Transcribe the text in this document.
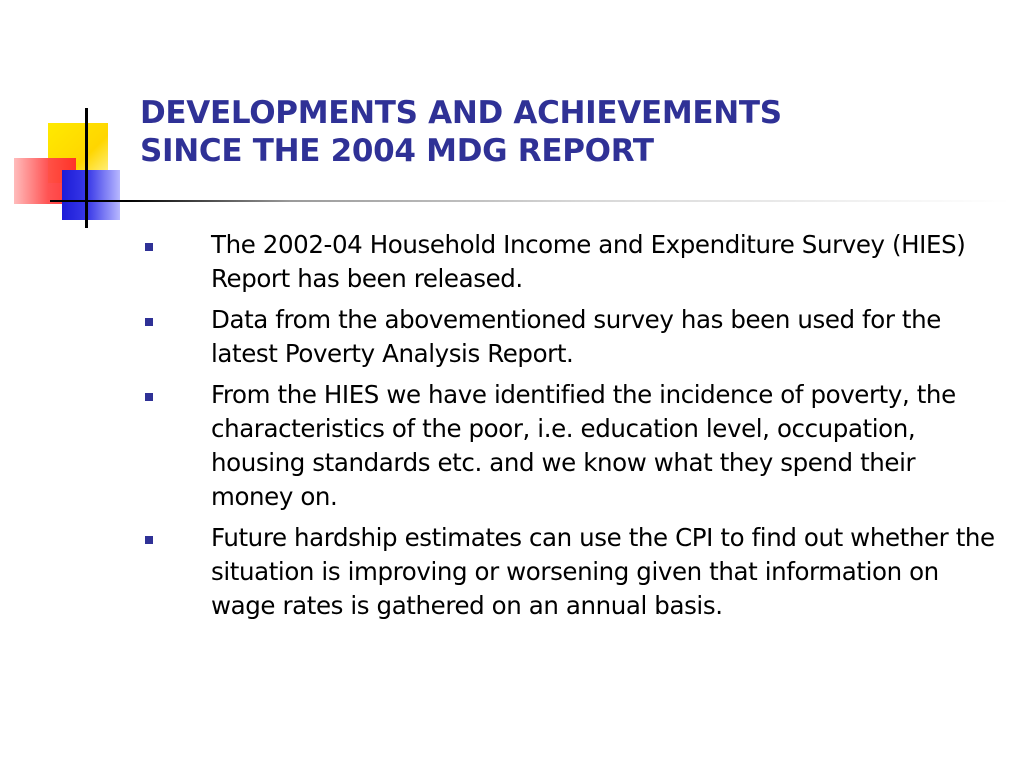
DEVELOPMENTS AND ACHIEVEMENTS
SINCE THE 2004 MDG REPORT
The 2002-04 Household Income and Expenditure Survey (HIES) Report has been released.
Data from the abovementioned survey has been used for the latest Poverty Analysis Report.
From the HIES we have identified the incidence of poverty, the characteristics of the poor, i.e. education level, occupation, housing standards etc. and we know what they spend their money on.
Future hardship estimates can use the CPI to find out whether the situation is improving or worsening given that information on wage rates is gathered on an annual basis.
